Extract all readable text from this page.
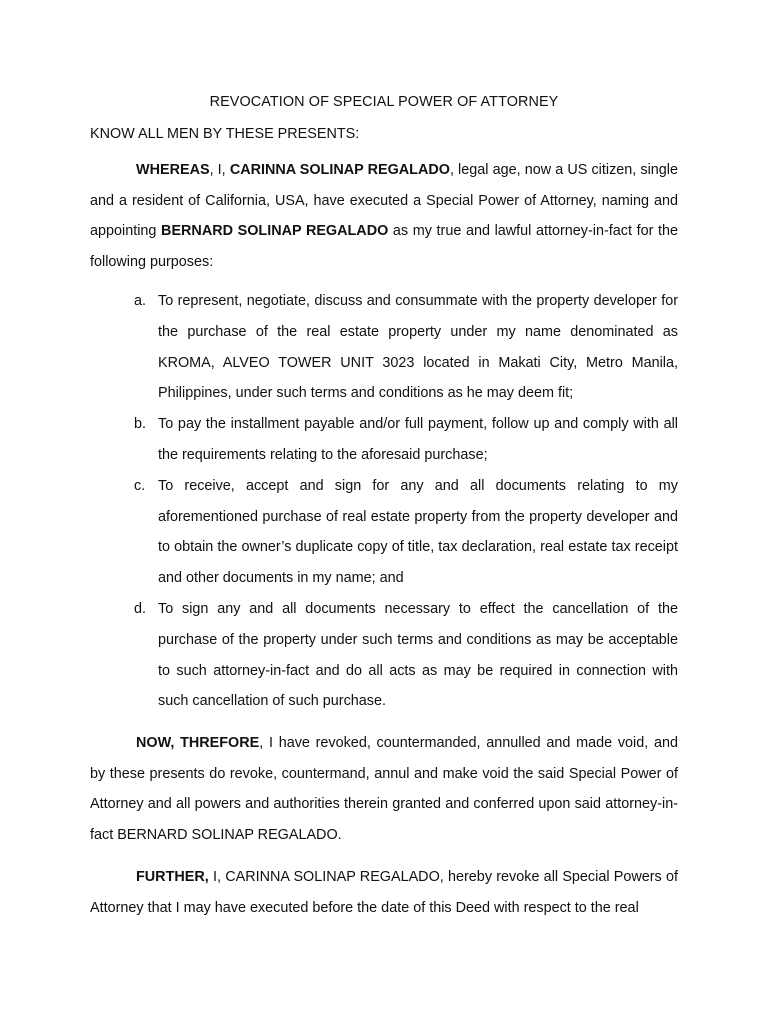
REVOCATION OF SPECIAL POWER OF ATTORNEY
KNOW ALL MEN BY THESE PRESENTS:

WHEREAS, I, CARINNA SOLINAP REGALADO, legal age, now a US citizen, single and a resident of California, USA, have executed a Special Power of Attorney, naming and appointing BERNARD SOLINAP REGALADO as my true and lawful attorney-in-fact for the following purposes:

a. To represent, negotiate, discuss and consummate with the property developer for the purchase of the real estate property under my name denominated as KROMA, ALVEO TOWER UNIT 3023 located in Makati City, Metro Manila, Philippines, under such terms and conditions as he may deem fit;
b. To pay the installment payable and/or full payment, follow up and comply with all the requirements relating to the aforesaid purchase;
c. To receive, accept and sign for any and all documents relating to my aforementioned purchase of real estate property from the property developer and to obtain the owner’s duplicate copy of title, tax declaration, real estate tax receipt and other documents in my name; and
d. To sign any and all documents necessary to effect the cancellation of the purchase of the property under such terms and conditions as may be acceptable to such attorney-in-fact and do all acts as may be required in connection with such cancellation of such purchase.

NOW, THREFORE, I have revoked, countermanded, annulled and made void, and by these presents do revoke, countermand, annul and make void the said Special Power of Attorney and all powers and authorities therein granted and conferred upon said attorney-in-fact BERNARD SOLINAP REGALADO.

FURTHER, I, CARINNA SOLINAP REGALADO, hereby revoke all Special Powers of Attorney that I may have executed before the date of this Deed with respect to the real
